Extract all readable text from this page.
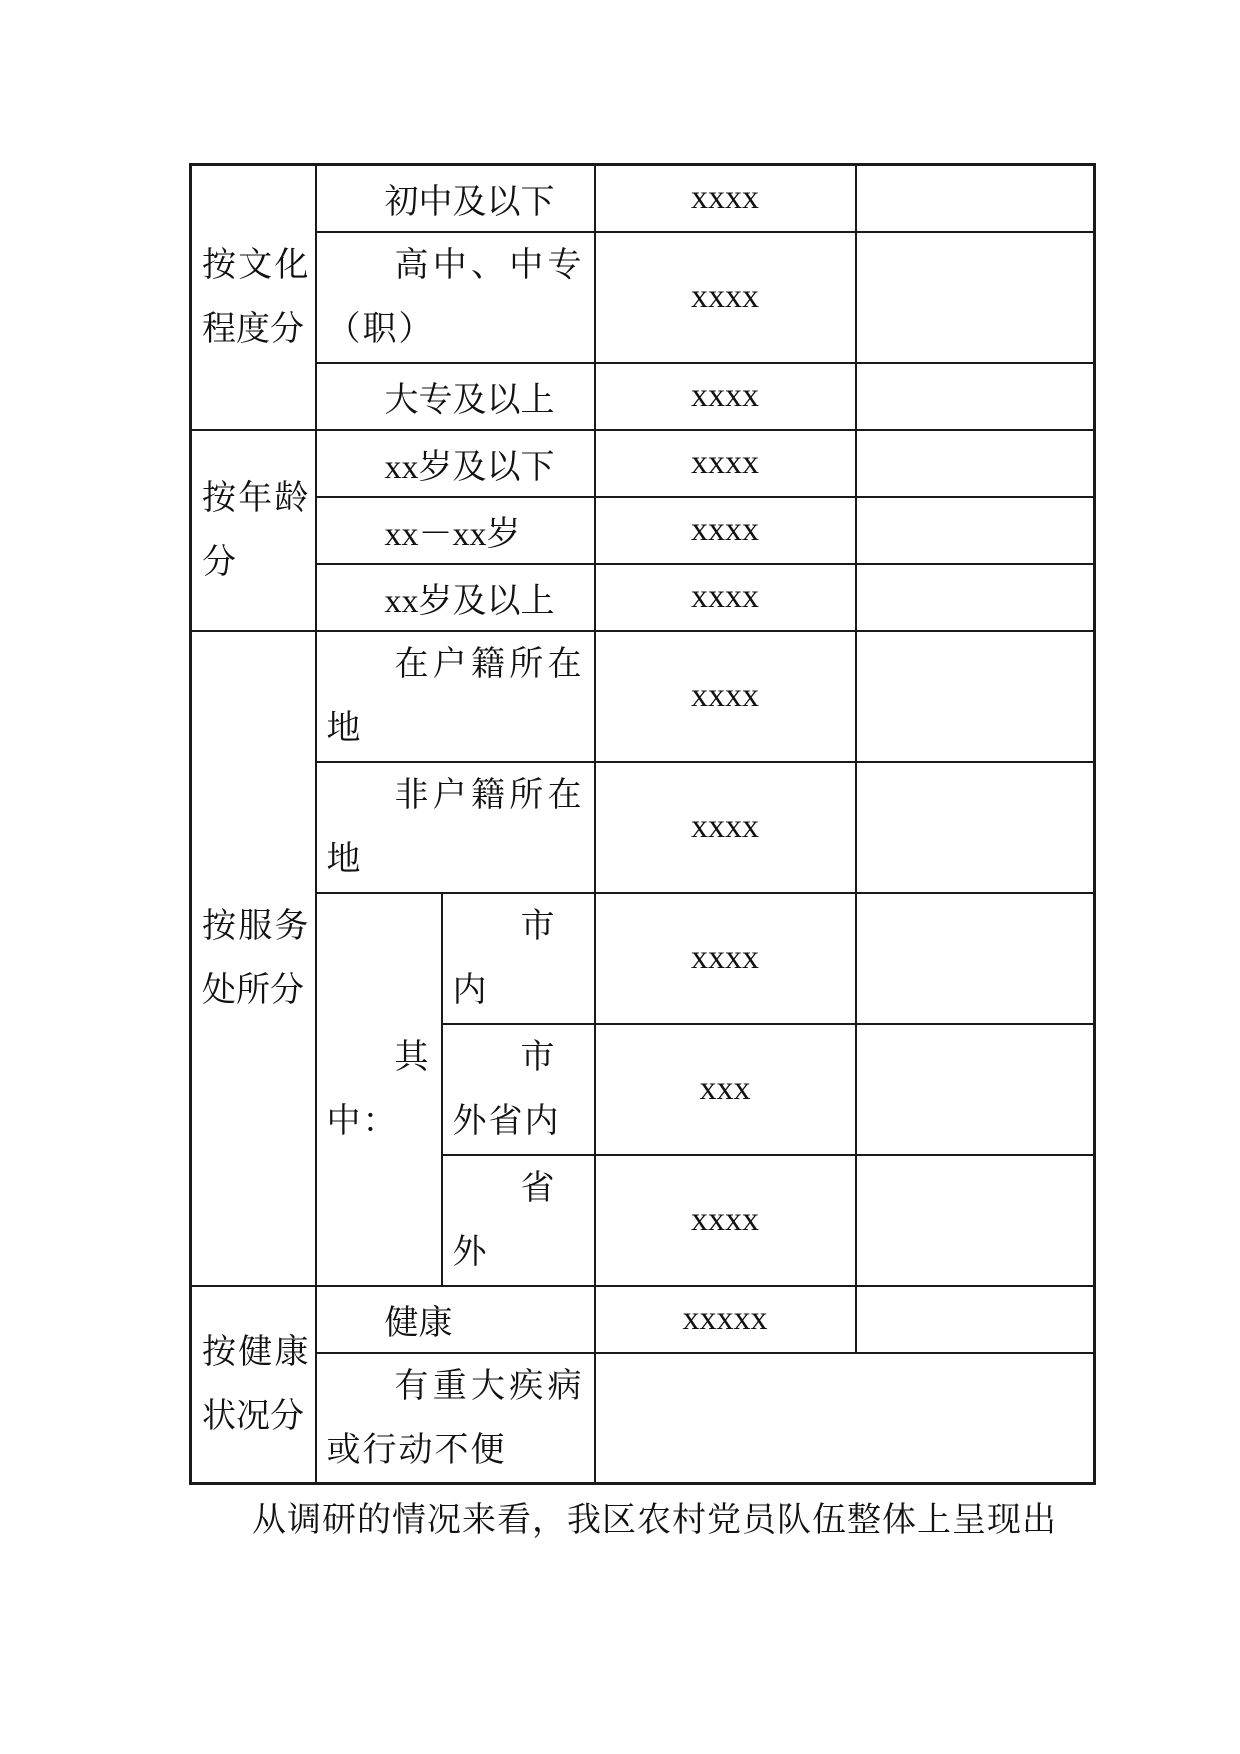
按文化程度分	初中及以下		xxxx	
	高中、中专（职）		xxxx	

	大专及以上		xxxx	
按年龄分	xx岁及以下		xxxx	
	xx－xx岁		xxxx	
	xx岁及以上		xxxx	
按服务处所分	在户籍所在地		xxxx	
	非户籍所在地		xxxx	
	其中：	市内	xxxx	
		市外省内	xxx	
		省外	xxxx	
按健康状况分	健康		xxxxx	
	有重大疾病或行动不便			
从调研的情况来看，我区农村党员队伍整体上呈现出
